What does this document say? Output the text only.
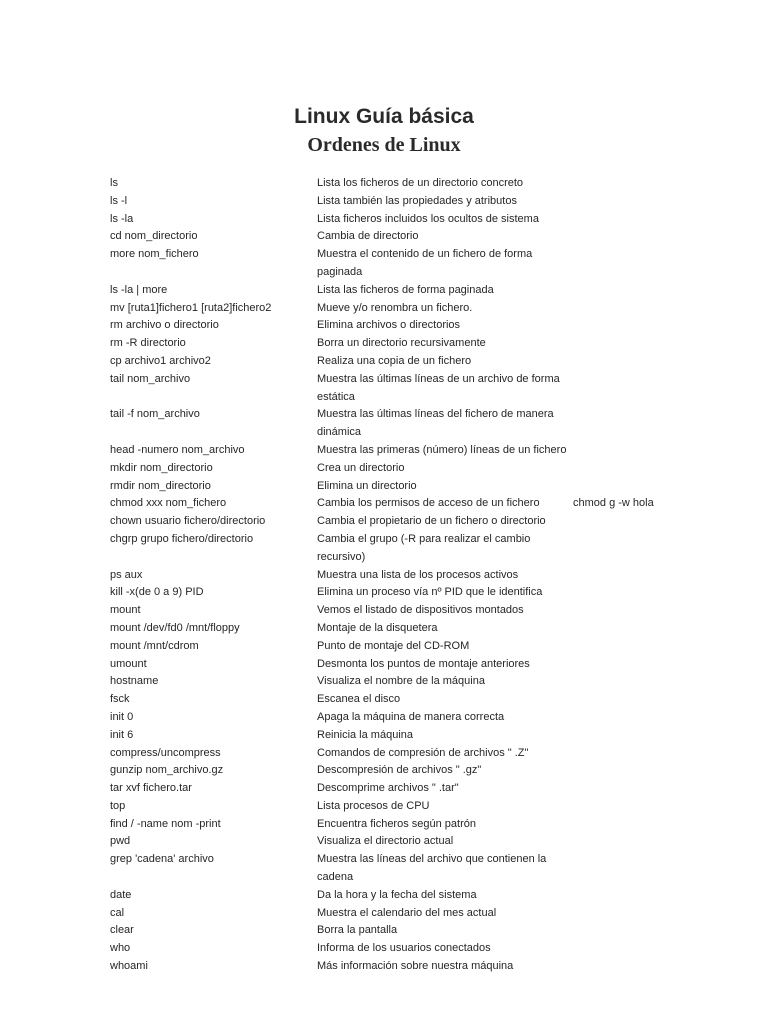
Linux Guía básica
Ordenes de Linux
ls	Lista los ficheros de un directorio concreto
ls -l	Lista también las propiedades y atributos
ls -la	Lista ficheros incluidos los ocultos de sistema
cd nom_directorio	Cambia de directorio
more nom_fichero	Muestra el contenido de un fichero de forma
paginada
ls -la | more	Lista las ficheros de forma paginada
mv [ruta1]fichero1 [ruta2]fichero2	Mueve y/o renombra un fichero.
rm archivo o directorio	Elimina archivos o directorios
rm -R directorio	Borra un directorio recursivamente
cp archivo1 archivo2	Realiza una copia de un fichero
tail nom_archivo	Muestra las últimas líneas de un archivo de forma
estática
tail -f nom_archivo	Muestra las últimas líneas del fichero de manera
dinámica
head -numero nom_archivo	Muestra las primeras (número) líneas de un fichero
mkdir nom_directorio	Crea un directorio
rmdir nom_directorio	Elimina un directorio
chmod xxx nom_fichero	Cambia los permisos de acceso de un fichero	chmod g -w hola
chown usuario fichero/directorio	Cambia el propietario de un fichero o directorio
chgrp grupo fichero/directorio	Cambia el grupo (-R para realizar el cambio
recursivo)
ps aux	Muestra una lista de los procesos activos
kill -x(de 0 a 9) PID	Elimina un proceso vía nº PID que le identifica
mount	Vemos el listado de dispositivos montados
mount /dev/fd0 /mnt/floppy	Montaje de la disquetera
mount /mnt/cdrom	Punto de montaje del CD-ROM
umount	Desmonta los puntos de montaje anteriores
hostname	Visualiza el nombre de la máquina
fsck	Escanea el disco
init 0	Apaga la máquina de manera correcta
init 6	Reinicia la máquina
compress/uncompress	Comandos de compresión de archivos " .Z"
gunzip nom_archivo.gz	Descompresión de archivos " .gz"
tar xvf fichero.tar	Descomprime archivos " .tar"
top	Lista procesos de CPU
find / -name nom -print	Encuentra ficheros según patrón
pwd	Visualiza el directorio actual
grep 'cadena' archivo	Muestra las líneas del archivo que contienen la
cadena
date	Da la hora y la fecha del sistema
cal	Muestra el calendario del mes actual
clear	Borra la pantalla
who	Informa de los usuarios conectados
whoami	Más información sobre nuestra máquina
